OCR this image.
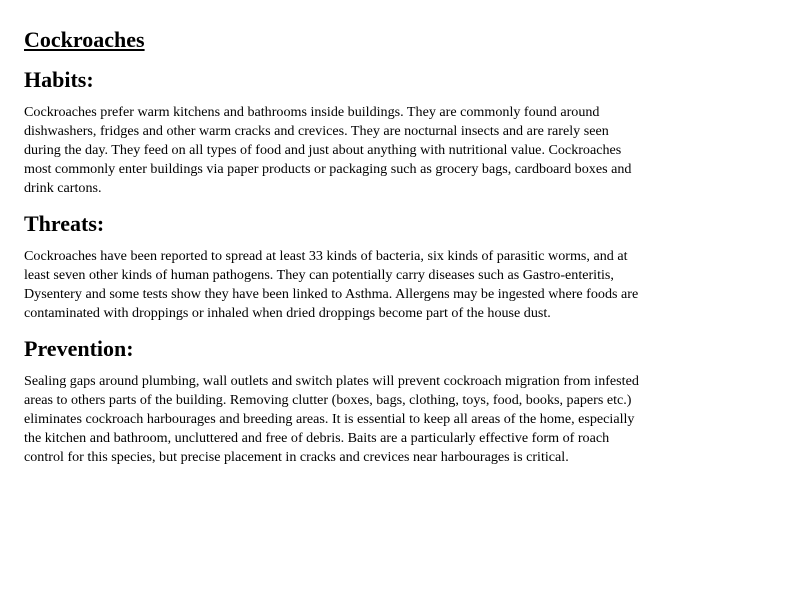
Cockroaches
Habits:

Cockroaches prefer warm kitchens and bathrooms inside buildings. They are commonly found around dishwashers, fridges and other warm cracks and crevices. They are nocturnal insects and are rarely seen during the day. They feed on all types of food and just about anything with nutritional value. Cockroaches most commonly enter buildings via paper products or packaging such as grocery bags, cardboard boxes and drink cartons.

Threats:

Cockroaches have been reported to spread at least 33 kinds of bacteria, six kinds of parasitic worms, and at least seven other kinds of human pathogens. They can potentially carry diseases such as Gastro-enteritis, Dysentery and some tests show they have been linked to Asthma. Allergens may be ingested where foods are contaminated with droppings or inhaled when dried droppings become part of the house dust.

Prevention:

Sealing gaps around plumbing, wall outlets and switch plates will prevent cockroach migration from infested areas to others parts of the building. Removing clutter (boxes, bags, clothing, toys, food, books, papers etc.) eliminates cockroach harbourages and breeding areas. It is essential to keep all areas of the home, especially the kitchen and bathroom, uncluttered and free of debris. Baits are a particularly effective form of roach control for this species, but precise placement in cracks and crevices near harbourages is critical.
